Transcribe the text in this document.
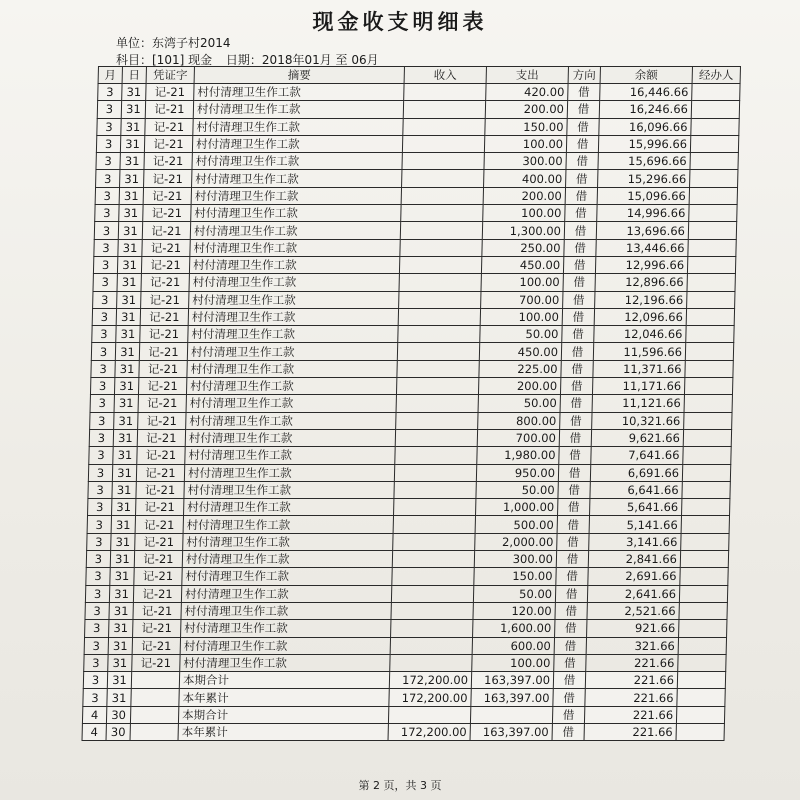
现金收支明细表
单位：东湾子村2014
科目：[101] 现金 日期：2018年01月 至 06月
月	日	凭证字	摘要	收入	支出	方向	余额	经办人
3	31	记-21	村付清理卫生作工款		420.00	借	16,446.66	
3	31	记-21	村付清理卫生作工款		200.00	借	16,246.66	
3	31	记-21	村付清理卫生作工款		150.00	借	16,096.66	
3	31	记-21	村付清理卫生作工款		100.00	借	15,996.66	
3	31	记-21	村付清理卫生作工款		300.00	借	15,696.66	
3	31	记-21	村付清理卫生作工款		400.00	借	15,296.66	
3	31	记-21	村付清理卫生作工款		200.00	借	15,096.66	
3	31	记-21	村付清理卫生作工款		100.00	借	14,996.66	
3	31	记-21	村付清理卫生作工款		1,300.00	借	13,696.66	
3	31	记-21	村付清理卫生作工款		250.00	借	13,446.66	
3	31	记-21	村付清理卫生作工款		450.00	借	12,996.66	
3	31	记-21	村付清理卫生作工款		100.00	借	12,896.66	
3	31	记-21	村付清理卫生作工款		700.00	借	12,196.66	
3	31	记-21	村付清理卫生作工款		100.00	借	12,096.66	
3	31	记-21	村付清理卫生作工款		50.00	借	12,046.66	
3	31	记-21	村付清理卫生作工款		450.00	借	11,596.66	
3	31	记-21	村付清理卫生作工款		225.00	借	11,371.66	
3	31	记-21	村付清理卫生作工款		200.00	借	11,171.66	
3	31	记-21	村付清理卫生作工款		50.00	借	11,121.66	
3	31	记-21	村付清理卫生作工款		800.00	借	10,321.66	
3	31	记-21	村付清理卫生作工款		700.00	借	9,621.66	
3	31	记-21	村付清理卫生作工款		1,980.00	借	7,641.66	
3	31	记-21	村付清理卫生作工款		950.00	借	6,691.66	
3	31	记-21	村付清理卫生作工款		50.00	借	6,641.66	
3	31	记-21	村付清理卫生作工款		1,000.00	借	5,641.66	
3	31	记-21	村付清理卫生作工款		500.00	借	5,141.66	
3	31	记-21	村付清理卫生作工款		2,000.00	借	3,141.66	
3	31	记-21	村付清理卫生作工款		300.00	借	2,841.66	
3	31	记-21	村付清理卫生作工款		150.00	借	2,691.66	
3	31	记-21	村付清理卫生作工款		50.00	借	2,641.66	
3	31	记-21	村付清理卫生作工款		120.00	借	2,521.66	
3	31	记-21	村付清理卫生作工款		1,600.00	借	921.66	
3	31	记-21	村付清理卫生作工款		600.00	借	321.66	
3	31	记-21	村付清理卫生作工款		100.00	借	221.66	
3	31		本期合计	172,200.00	163,397.00	借	221.66	
3	31		本年累计	172,200.00	163,397.00	借	221.66	
4	30		本期合计			借	221.66	
4	30		本年累计	172,200.00	163,397.00	借	221.66	
第 2 页，共 3 页
